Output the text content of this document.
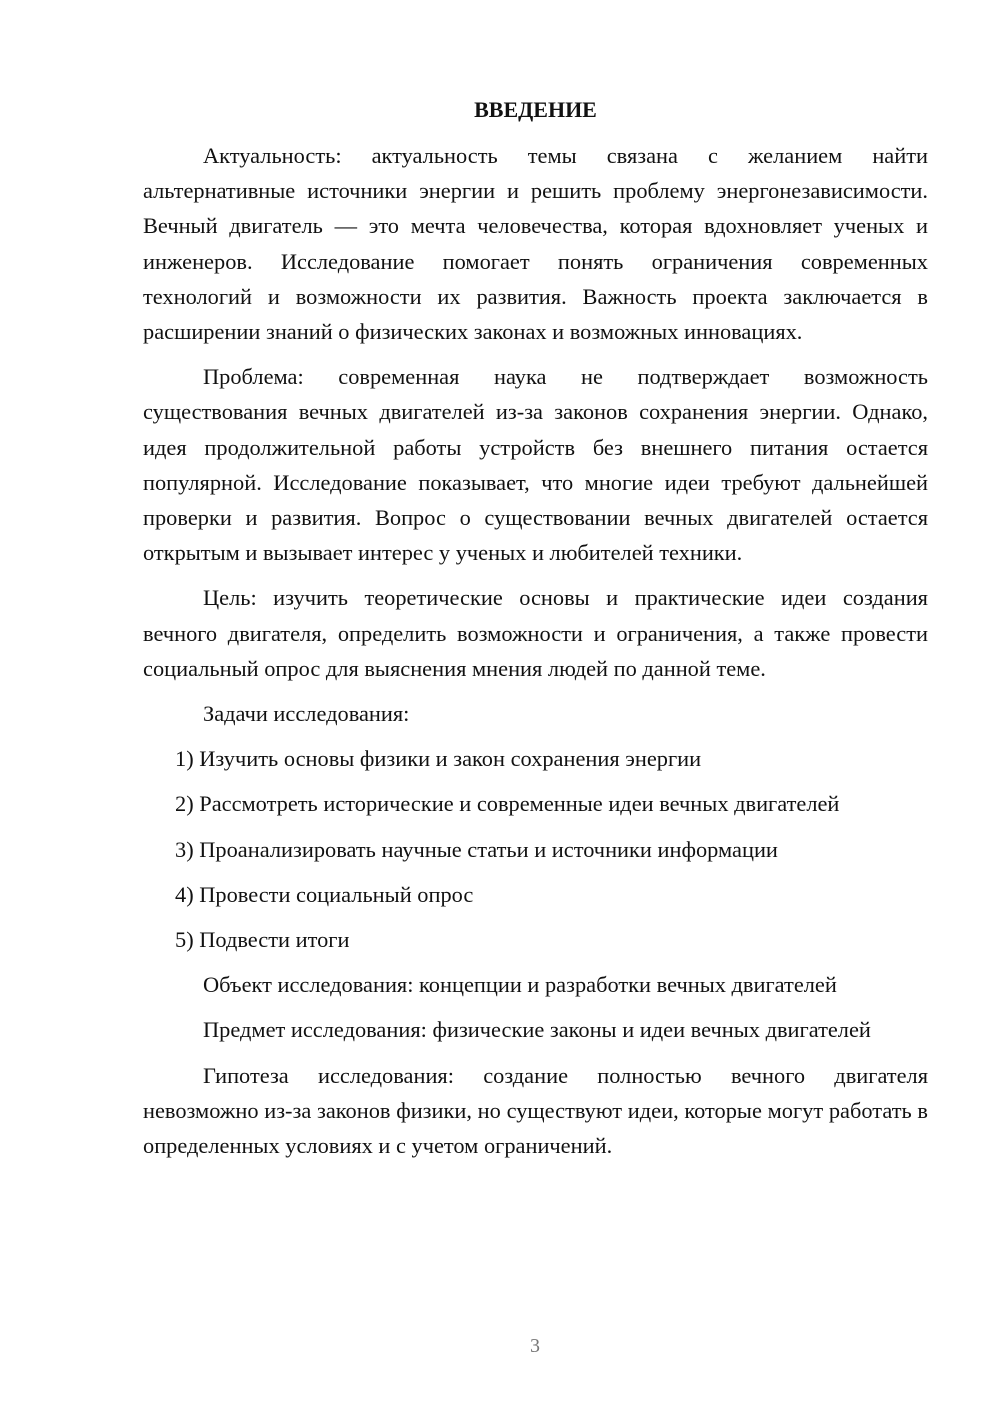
ВВЕДЕНИЕ

Актуальность: актуальность темы связана с желанием найти альтернативные источники энергии и решить проблему энергонезависимости. Вечный двигатель — это мечта человечества, которая вдохновляет ученых и инженеров. Исследование помогает понять ограничения современных технологий и возможности их развития. Важность проекта заключается в расширении знаний о физических законах и возможных инновациях.

Проблема: современная наука не подтверждает возможность существования вечных двигателей из-за законов сохранения энергии. Однако, идея продолжительной работы устройств без внешнего питания остается популярной. Исследование показывает, что многие идеи требуют дальнейшей проверки и развития. Вопрос о существовании вечных двигателей остается открытым и вызывает интерес у ученых и любителей техники.

Цель: изучить теоретические основы и практические идеи создания вечного двигателя, определить возможности и ограничения, а также провести социальный опрос для выяснения мнения людей по данной теме.

Задачи исследования:

1) Изучить основы физики и закон сохранения энергии

2) Рассмотреть исторические и современные идеи вечных двигателей

3) Проанализировать научные статьи и источники информации

4) Провести социальный опрос

5) Подвести итоги

Объект исследования: концепции и разработки вечных двигателей

Предмет исследования: физические законы и идеи вечных двигателей

Гипотеза исследования: создание полностью вечного двигателя невозможно из-за законов физики, но существуют идеи, которые могут работать в определенных условиях и с учетом ограничений.

3
